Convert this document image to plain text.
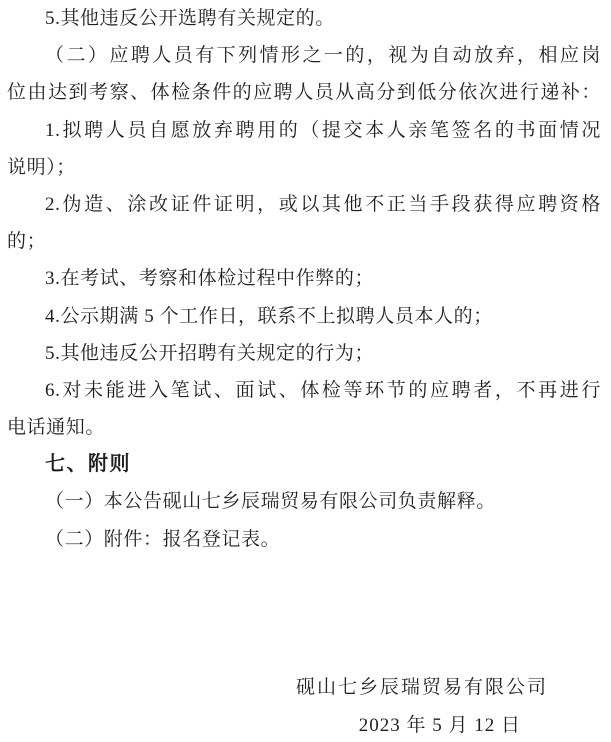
5.其他违反公开选聘有关规定的。
（二）应聘人员有下列情形之一的，视为自动放弃，相应岗
位由达到考察、体检条件的应聘人员从高分到低分依次进行递补：
1.拟聘人员自愿放弃聘用的（提交本人亲笔签名的书面情况
说明）；
2.伪造、涂改证件证明，或以其他不正当手段获得应聘资格
的；
3.在考试、考察和体检过程中作弊的；
4.公示期满 5 个工作日，联系不上拟聘人员本人的；
5.其他违反公开招聘有关规定的行为；
6.对未能进入笔试、面试、体检等环节的应聘者，不再进行
电话通知。
七、附则
（一）本公告砚山七乡辰瑞贸易有限公司负责解释。
（二）附件：报名登记表。
砚山七乡辰瑞贸易有限公司
2023 年 5 月 12 日
